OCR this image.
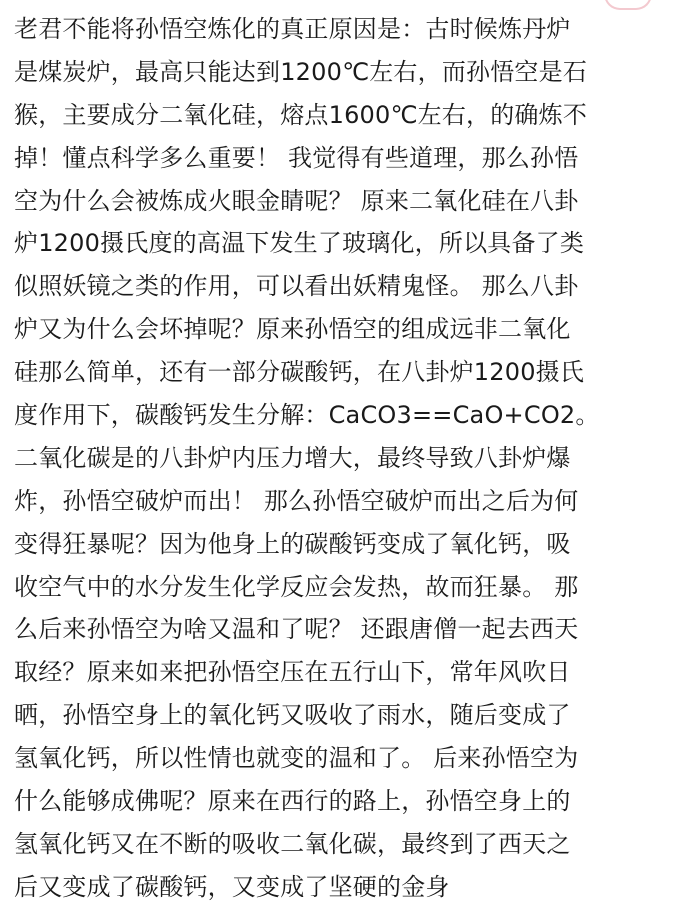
老君不能将孙悟空炼化的真正原因是：古时候炼丹炉
是煤炭炉，最高只能达到1200℃左右，而孙悟空是石
猴，主要成分二氧化硅，熔点1600℃左右，的确炼不
掉！懂点科学多么重要！ 我觉得有些道理，那么孙悟
空为什么会被炼成火眼金睛呢？ 原来二氧化硅在八卦
炉1200摄氏度的高温下发生了玻璃化，所以具备了类
似照妖镜之类的作用，可以看出妖精鬼怪。 那么八卦
炉又为什么会坏掉呢？原来孙悟空的组成远非二氧化
硅那么简单，还有一部分碳酸钙，在八卦炉1200摄氏
度作用下，碳酸钙发生分解：CaCO3==CaO+CO2。
二氧化碳是的八卦炉内压力增大，最终导致八卦炉爆
炸，孙悟空破炉而出！ 那么孙悟空破炉而出之后为何
变得狂暴呢？因为他身上的碳酸钙变成了氧化钙，吸
收空气中的水分发生化学反应会发热，故而狂暴。 那
么后来孙悟空为啥又温和了呢？ 还跟唐僧一起去西天
取经？原来如来把孙悟空压在五行山下，常年风吹日
晒，孙悟空身上的氧化钙又吸收了雨水，随后变成了
氢氧化钙，所以性情也就变的温和了。 后来孙悟空为
什么能够成佛呢？原来在西行的路上，孙悟空身上的
氢氧化钙又在不断的吸收二氧化碳，最终到了西天之
后又变成了碳酸钙，又变成了坚硬的金身
